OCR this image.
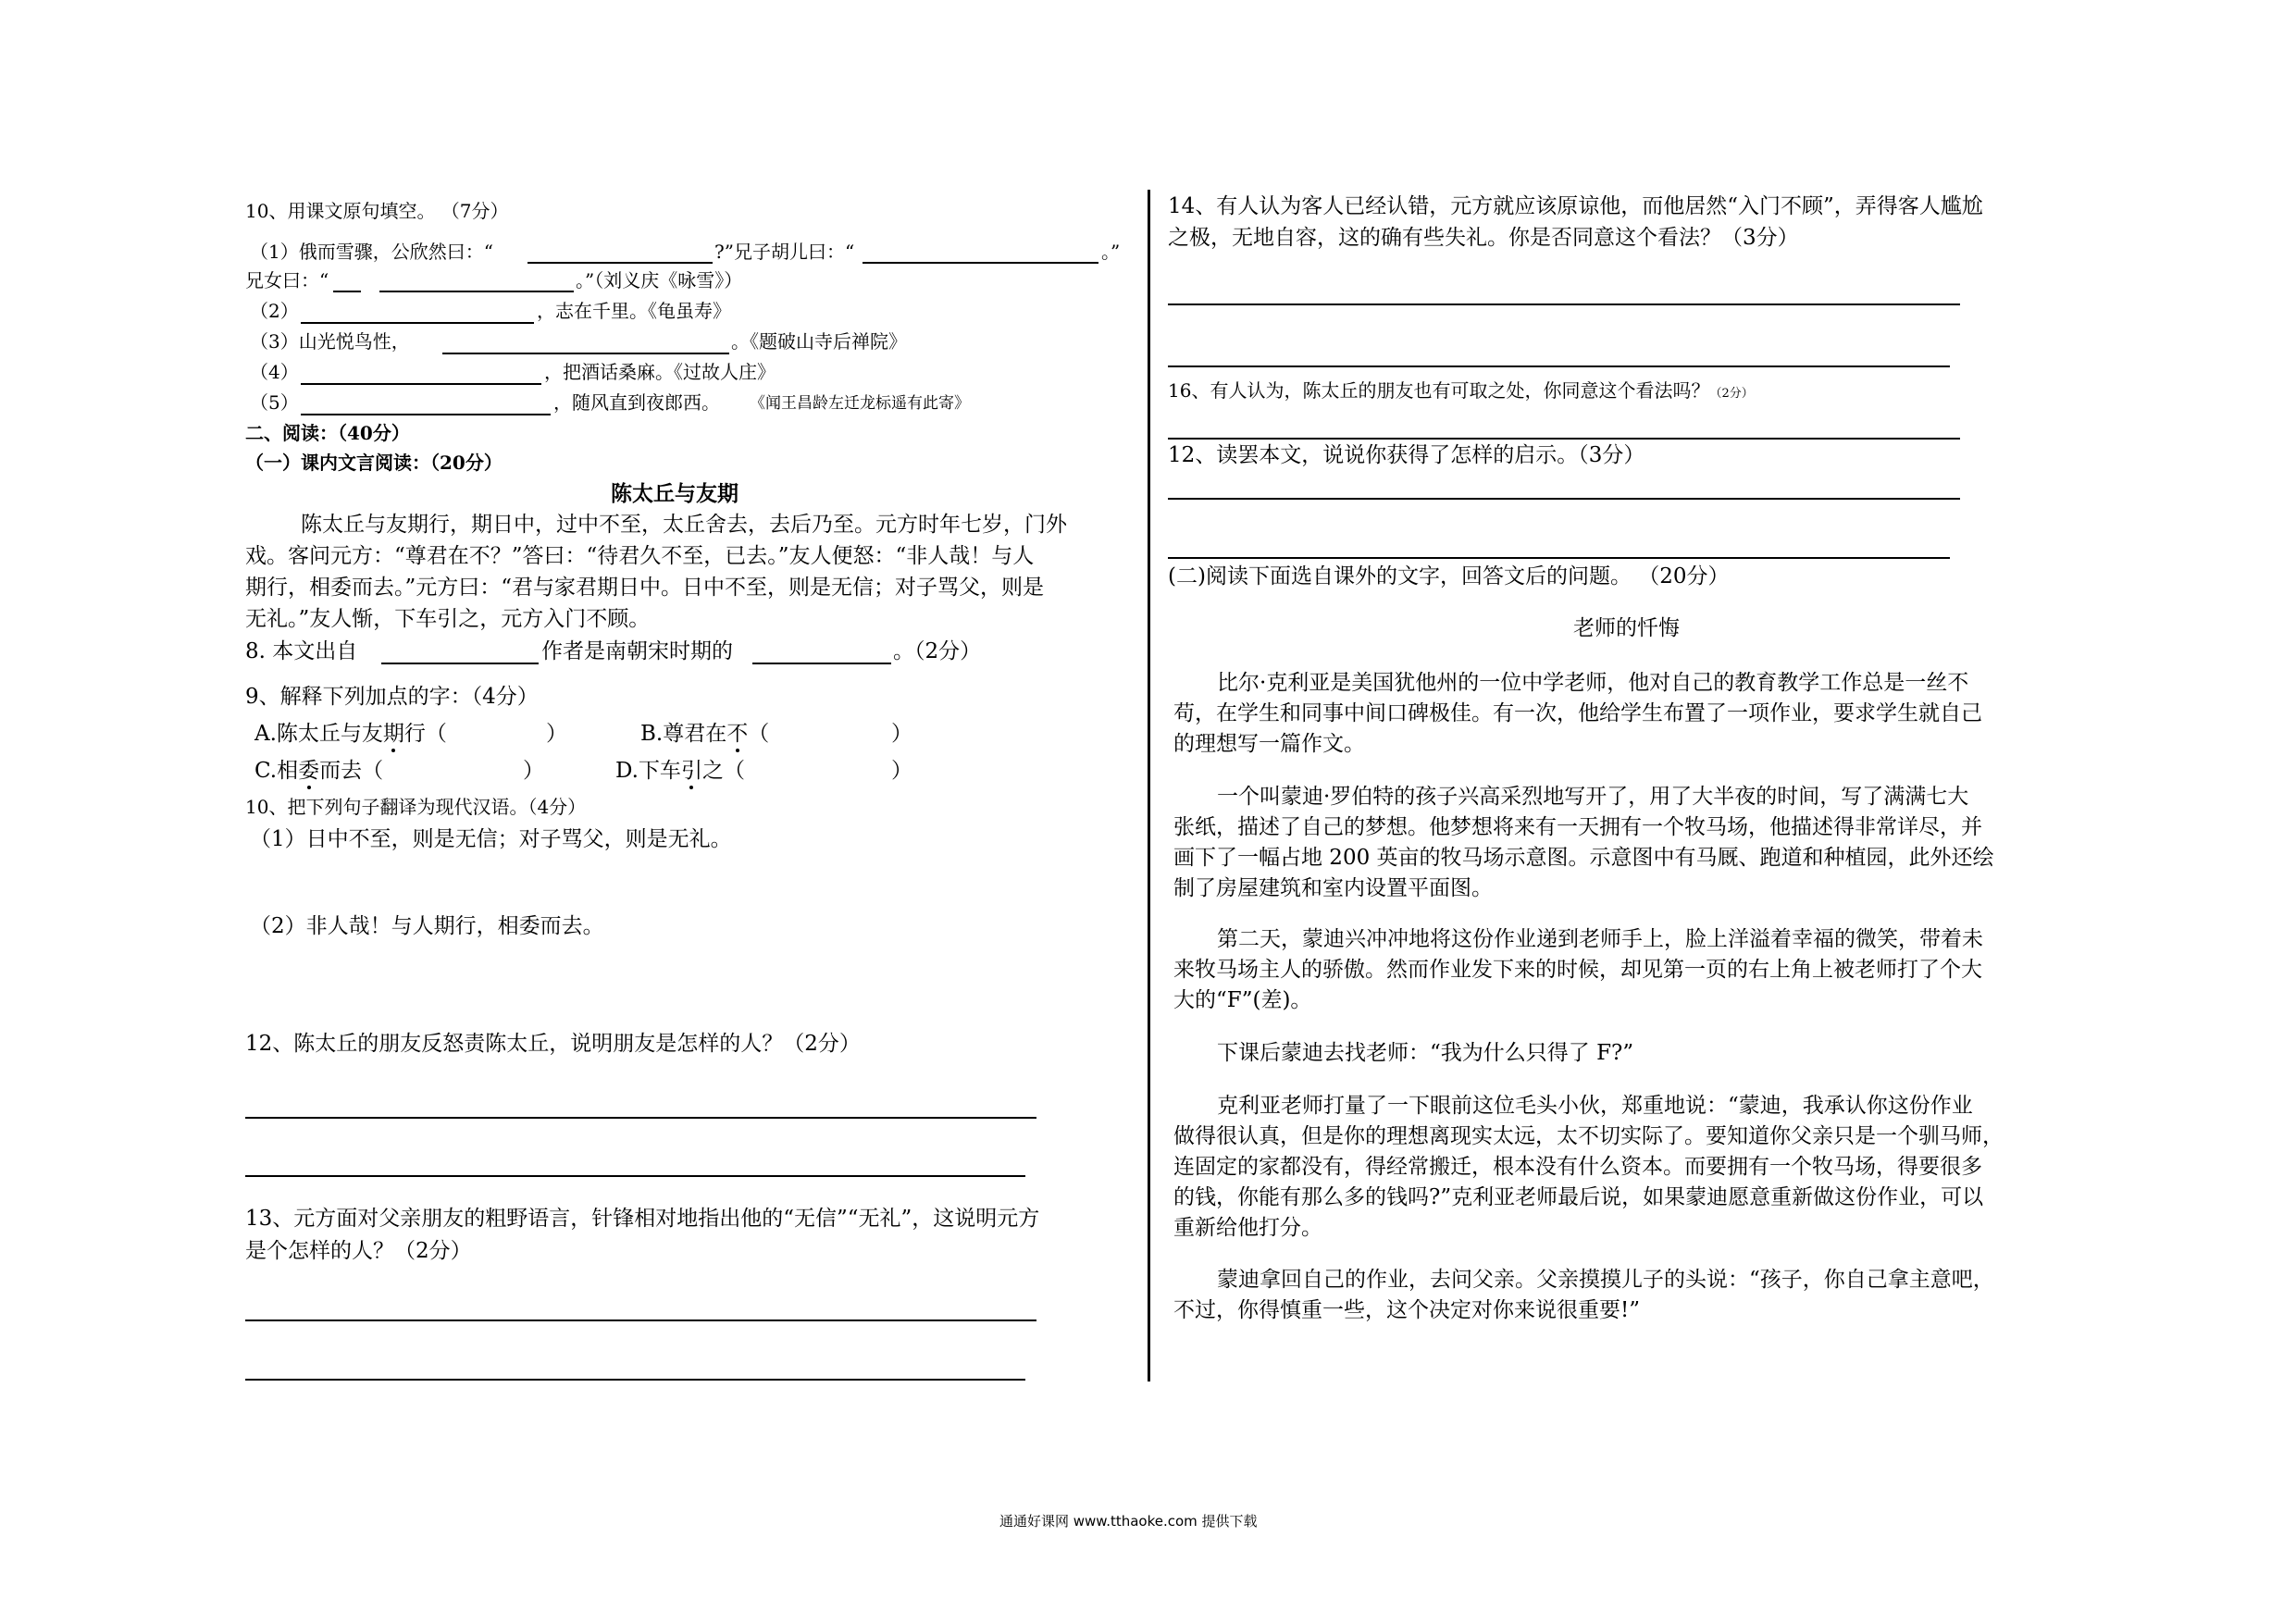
10、用课文原句填空。 （7分）
（1）俄而雪骤，公欣然曰：“	?”兄子胡儿曰：“	。”
兄女曰：“	。”（刘义庆《咏雪》）
（2）	，志在千里。《龟虽寿》
（3）山光悦鸟性，	。《题破山寺后禅院》
（4）	，把酒话桑麻。《过故人庄》
（5）	，随风直到夜郎西。 《闻王昌龄左迁龙标遥有此寄》
二、阅读：（40分）
（一）课内文言阅读：（20分）
陈太丘与友期
陈太丘与友期行，期日中，过中不至，太丘舍去，去后乃至。元方时年七岁，门外
戏。客问元方：“尊君在不？”答曰：“待君久不至，已去。”友人便怒：“非人哉！与人
期行，相委而去。”元方曰：“君与家君期日中。日中不至，则是无信；对子骂父，则是
无礼。”友人惭，下车引之，元方入门不顾。
8. 本文出自	作者是南朝宋时期的	。（2分）
9、解释下列加点的字：（4分）
A.陈太丘与友期行（	）	B.尊君在不（	）
C.相委而去（	）	D.下车引之（	）
10、把下列句子翻译为现代汉语。（4分）
（1）日中不至，则是无信；对子骂父，则是无礼。
（2）非人哉！与人期行，相委而去。
12、陈太丘的朋友反怒责陈太丘，说明朋友是怎样的人？（2分）
13、元方面对父亲朋友的粗野语言，针锋相对地指出他的“无信”“无礼”，这说明元方
是个怎样的人？（2分）
14、有人认为客人已经认错，元方就应该原谅他，而他居然“入门不顾”，弄得客人尴尬
之极，无地自容，这的确有些失礼。你是否同意这个看法？（3分）
16、有人认为，陈太丘的朋友也有可取之处，你同意这个看法吗？（2分）
12、读罢本文，说说你获得了怎样的启示。（3分）
(二)阅读下面选自课外的文字，回答文后的问题。 （20分）
老师的忏悔
比尔·克利亚是美国犹他州的一位中学老师，他对自己的教育教学工作总是一丝不
苟，在学生和同事中间口碑极佳。有一次，他给学生布置了一项作业，要求学生就自己
的理想写一篇作文。
一个叫蒙迪·罗伯特的孩子兴高采烈地写开了，用了大半夜的时间，写了满满七大
张纸，描述了自己的梦想。他梦想将来有一天拥有一个牧马场，他描述得非常详尽，并
画下了一幅占地 200 英亩的牧马场示意图。示意图中有马厩、跑道和种植园，此外还绘
制了房屋建筑和室内设置平面图。
第二天，蒙迪兴冲冲地将这份作业递到老师手上，脸上洋溢着幸福的微笑，带着未
来牧马场主人的骄傲。然而作业发下来的时候，却见第一页的右上角上被老师打了个大
大的“F”(差)。
下课后蒙迪去找老师：“我为什么只得了 F?”
克利亚老师打量了一下眼前这位毛头小伙，郑重地说：“蒙迪，我承认你这份作业
做得很认真，但是你的理想离现实太远，太不切实际了。要知道你父亲只是一个驯马师，
连固定的家都没有，得经常搬迁，根本没有什么资本。而要拥有一个牧马场，得要很多
的钱，你能有那么多的钱吗?”克利亚老师最后说，如果蒙迪愿意重新做这份作业，可以
重新给他打分。
蒙迪拿回自己的作业，去问父亲。父亲摸摸儿子的头说：“孩子，你自己拿主意吧，
不过，你得慎重一些，这个决定对你来说很重要!”
通通好课网 www.tthaoke.com 提供下载
